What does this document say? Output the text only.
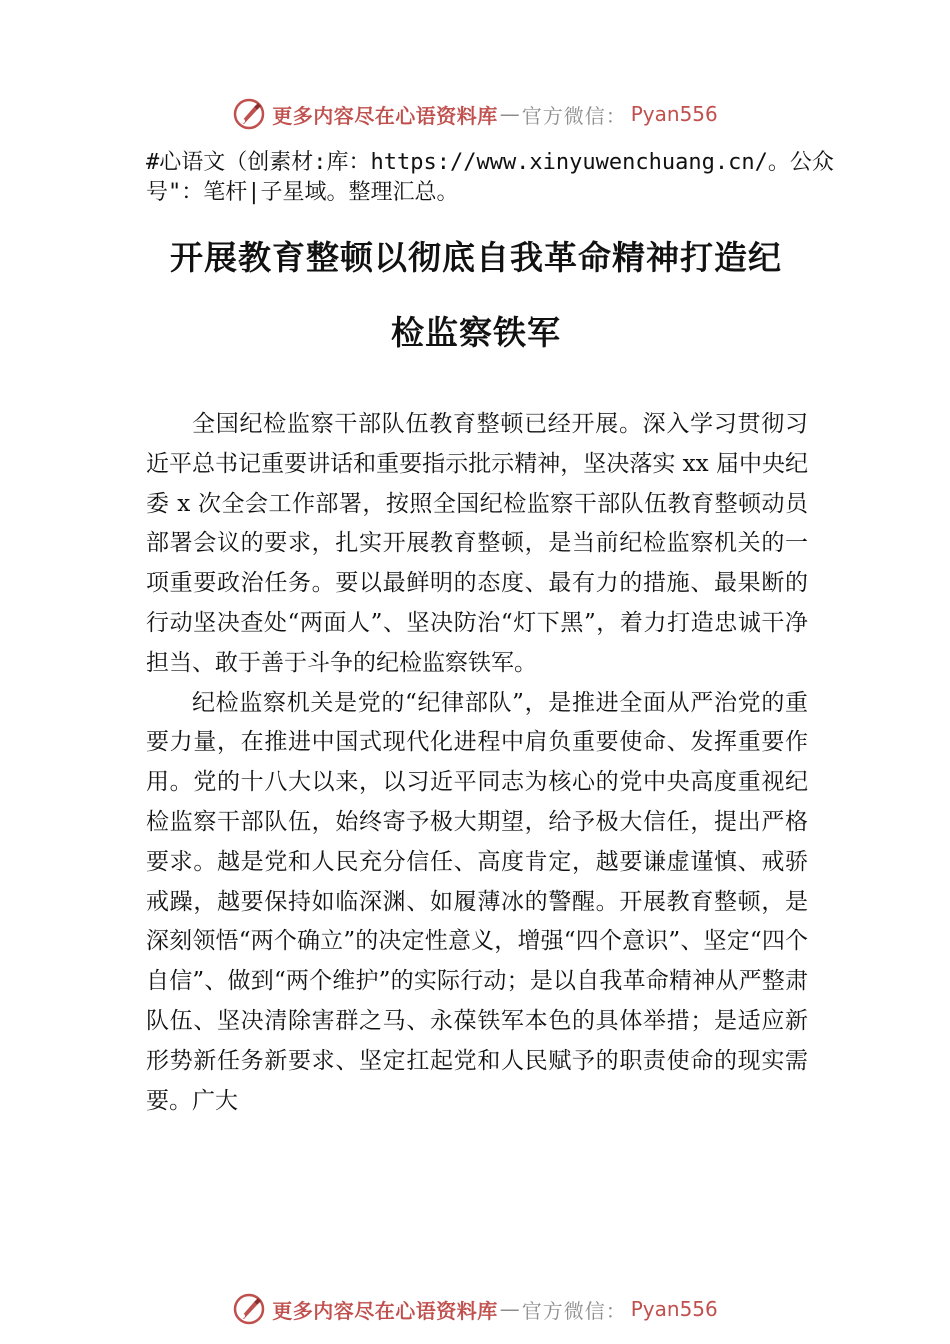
更多内容尽在心语资料库 — 官方微信： Pyan556
#心语文（创素材:库：https://www.xinyuwenchuang.cn/。公众号"：笔杆|子星域。整理汇总。
开展教育整顿以彻底自我革命精神打造纪
检监察铁军

全国纪检监察干部队伍教育整顿已经开展。深入学习贯彻习近平总书记重要讲话和重要指示批示精神，坚决落实 xx 届中央纪委 x 次全会工作部署，按照全国纪检监察干部队伍教育整顿动员部署会议的要求，扎实开展教育整顿，是当前纪检监察机关的一项重要政治任务。要以最鲜明的态度、最有力的措施、最果断的行动坚决查处“两面人”、坚决防治“灯下黑”，着力打造忠诚干净担当、敢于善于斗争的纪检监察铁军。

纪检监察机关是党的“纪律部队”，是推进全面从严治党的重要力量，在推进中国式现代化进程中肩负重要使命、发挥重要作用。党的十八大以来，以习近平同志为核心的党中央高度重视纪检监察干部队伍，始终寄予极大期望，给予极大信任，提出严格要求。越是党和人民充分信任、高度肯定，越要谦虚谨慎、戒骄戒躁，越要保持如临深渊、如履薄冰的警醒。开展教育整顿，是深刻领悟“两个确立”的决定性意义，增强“四个意识”、坚定“四个自信”、做到“两个维护”的实际行动；是以自我革命精神从严整肃队伍、坚决清除害群之马、永葆铁军本色的具体举措；是适应新形势新任务新要求、坚定扛起党和人民赋予的职责使命的现实需要。广大

更多内容尽在心语资料库 — 官方微信： Pyan556
